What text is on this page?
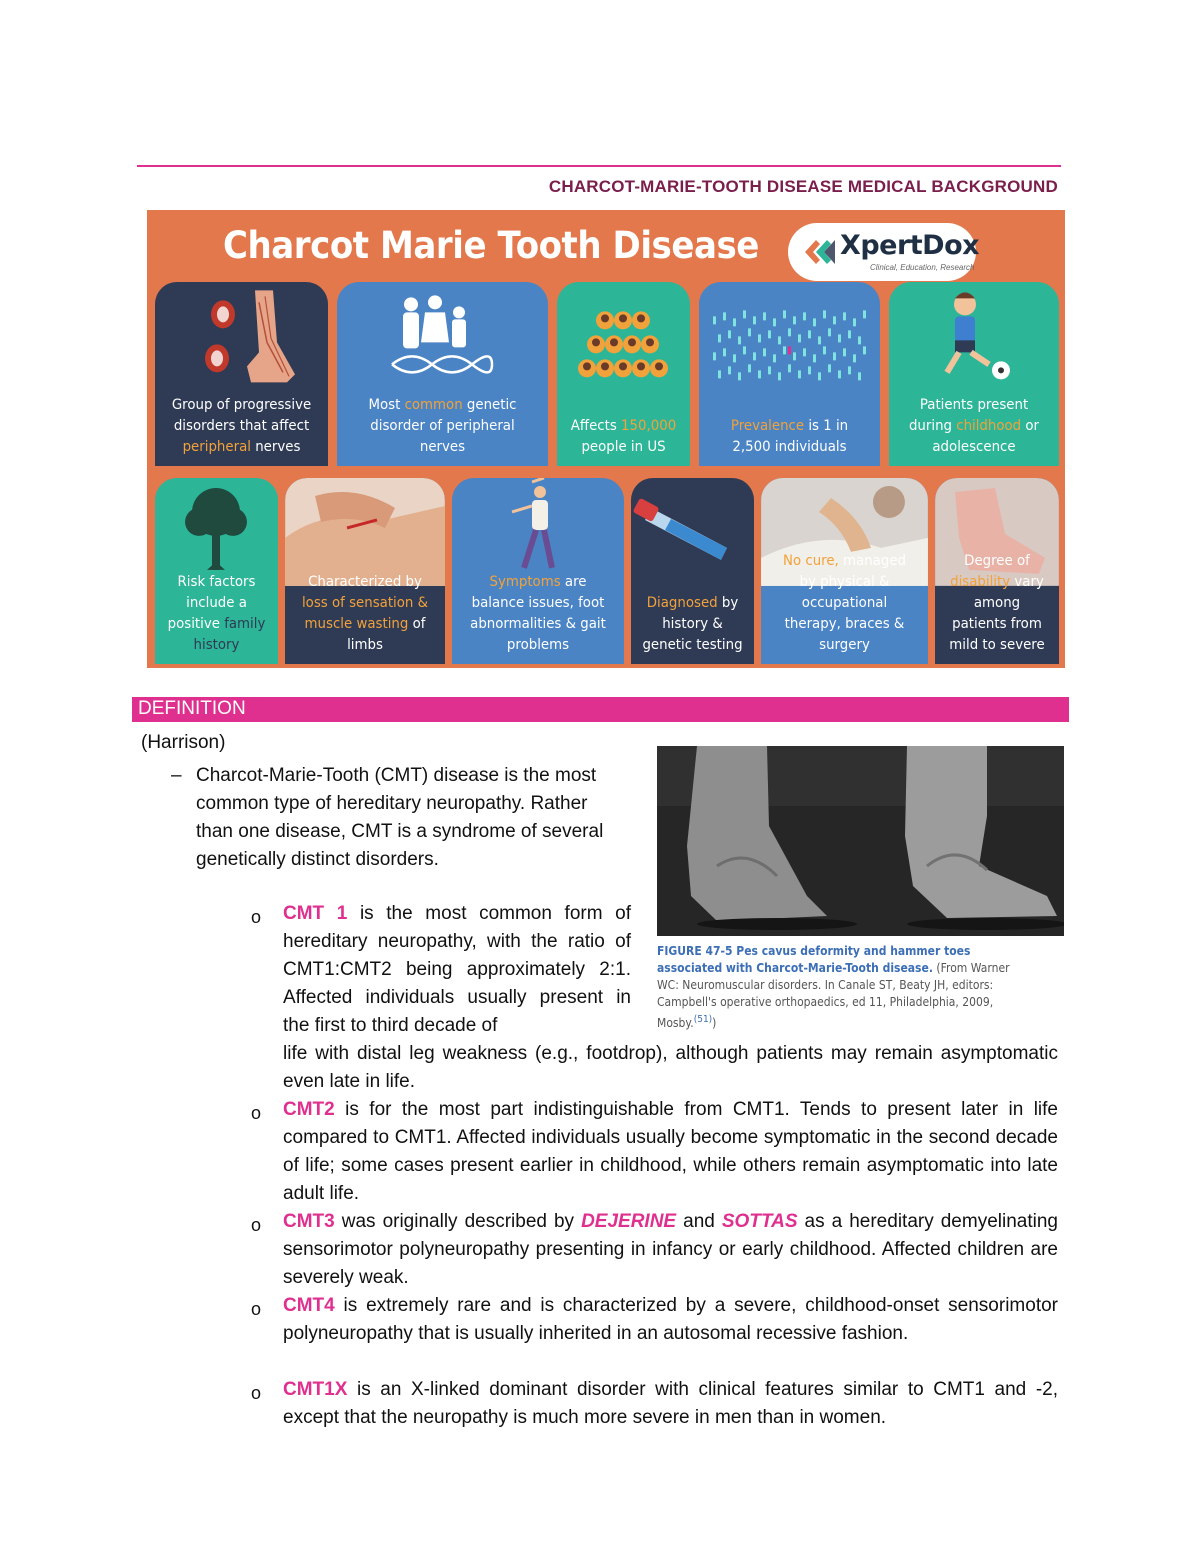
CHARCOT-MARIE-TOOTH DISEASE MEDICAL BACKGROUND
Charcot Marie Tooth Disease	XpertDox
Clinical, Education, Research
Group of progressive disorders that affect peripheral nerves
Most common genetic disorder of peripheral nerves
Affects 150,000 people in US
Prevalence is 1 in 2,500 individuals
Patients present during childhood or adolescence
Risk factors include a positive family history
Characterized by loss of sensation & muscle wasting of limbs
Symptoms are balance issues, foot abnormalities & gait problems
Diagnosed by history & genetic testing
No cure, managed by physical & occupational therapy, braces & surgery
Degree of disability vary among patients from mild to severe
DEFINITION
(Harrison)
– Charcot-Marie-Tooth (CMT) disease is the most common type of hereditary neuropathy. Rather than one disease, CMT is a syndrome of several genetically distinct disorders.
FIGURE 47-5 Pes cavus deformity and hammer toes associated with Charcot-Marie-Tooth disease. (From Warner WC: Neuromuscular disorders. In Canale ST, Beaty JH, editors: Campbell's operative orthopaedics, ed 11, Philadelphia, 2009, Mosby.$^{(51)}$)
o CMT 1 is the most common form of hereditary neuropathy, with the ratio of CMT1:CMT2 being approximately 2:1. Affected individuals usually present in the first to third decade of
life with distal leg weakness (e.g., footdrop), although patients may remain asymptomatic even late in life.
o CMT2 is for the most part indistinguishable from CMT1. Tends to present later in life compared to CMT1. Affected individuals usually become symptomatic in the second decade of life; some cases present earlier in childhood, while others remain asymptomatic into late adult life.
o CMT3 was originally described by DEJERINE and SOTTAS as a hereditary demyelinating sensorimotor polyneuropathy presenting in infancy or early childhood. Affected children are severely weak.
o CMT4 is extremely rare and is characterized by a severe, childhood-onset sensorimotor polyneuropathy that is usually inherited in an autosomal recessive fashion.
o CMT1X is an X-linked dominant disorder with clinical features similar to CMT1 and -2, except that the neuropathy is much more severe in men than in women.
